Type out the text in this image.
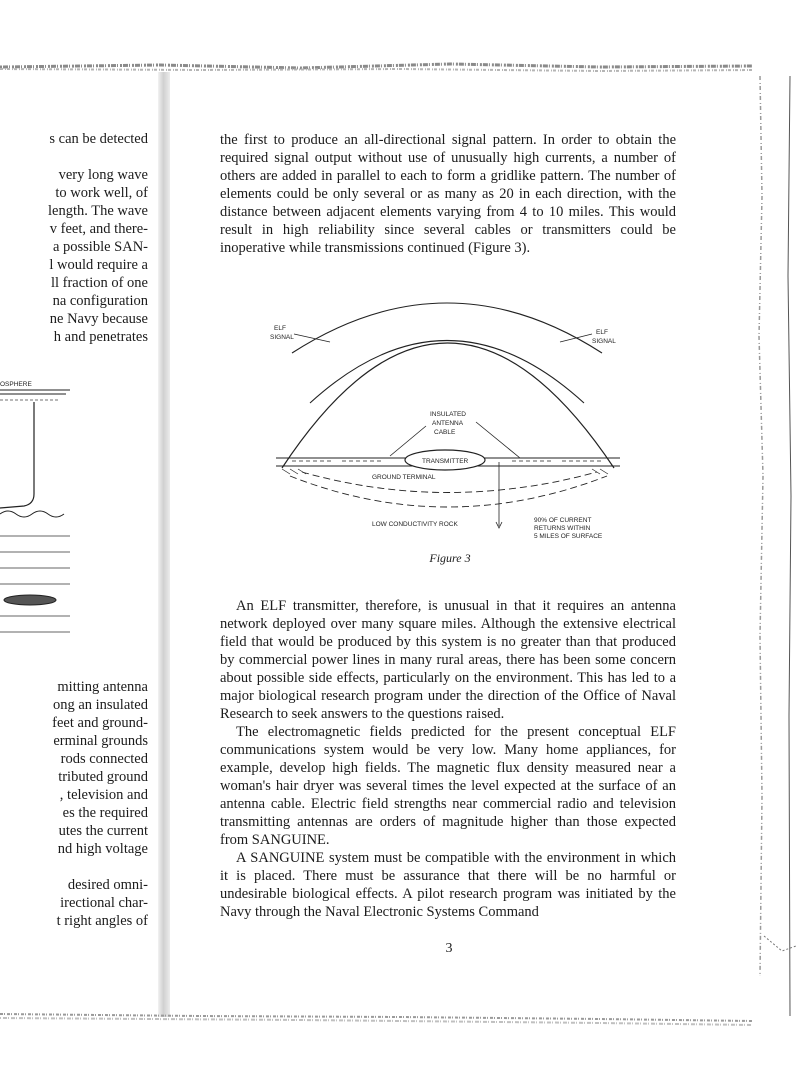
s can be detected
very long wave
to work well, of
length. The wave
v feet, and there-
a possible SAN-
l would require a
ll fraction of one
na configuration
ne Navy because
h and penetrates
OSPHERE
mitting antenna
ong an insulated
feet and ground-
erminal grounds
rods connected
tributed ground
, television and
es the required
utes the current
nd high voltage
desired omni-
irectional char-
t right angles of

the first to produce an all-directional signal pattern. In order to obtain the required signal output without use of unusually high currents, a number of others are added in parallel to each to form a gridlike pattern. The number of elements could be only several or as many as 20 in each direction, with the distance between adjacent elements varying from 4 to 10 miles. This would result in high reliability since several cables or transmitters could be inoperative while transmissions continued (Figure 3).

ELF
SIGNAL
ELF
SIGNAL
INSULATED
ANTENNA
CABLE
TRANSMITTER
GROUND TERMINAL
LOW CONDUCTIVITY ROCK
90% OF CURRENT
RETURNS WITHIN
5 MILES OF SURFACE
Figure 3

An ELF transmitter, therefore, is unusual in that it requires an antenna network deployed over many square miles. Although the extensive electrical field that would be produced by this system is no greater than that produced by commercial power lines in many rural areas, there has been some concern about possible side effects, particularly on the environment. This has led to a major biological research program under the direction of the Office of Naval Research to seek answers to the questions raised.

The electromagnetic fields predicted for the present conceptual ELF communications system would be very low. Many home appliances, for example, develop high fields. The magnetic flux density measured near a woman's hair dryer was several times the level expected at the surface of an antenna cable. Electric field strengths near commercial radio and television transmitting antennas are orders of magnitude higher than those expected from SANGUINE.

A SANGUINE system must be compatible with the environment in which it is placed. There must be assurance that there will be no harmful or undesirable biological effects. A pilot research program was initiated by the Navy through the Naval Electronic Systems Command

3
